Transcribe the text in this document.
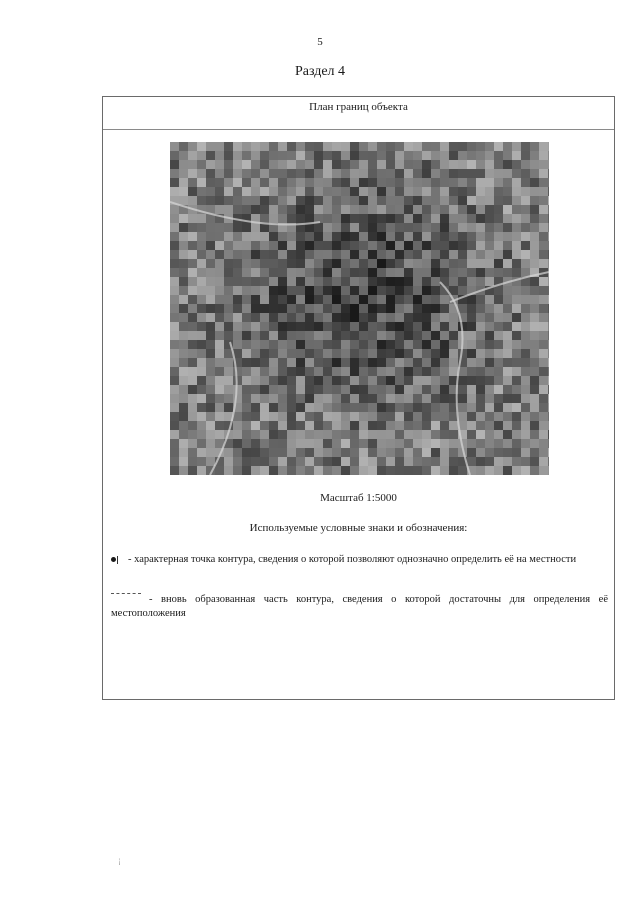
5
Раздел 4
План границ объекта
Масштаб 1:5000
Используемые условные знаки и обозначения:
- характерная точка контура, сведения о которой позволяют однозначно определить её на местности
- вновь образованная часть контура, сведения о которой достаточны для определения её местоположения
¡
